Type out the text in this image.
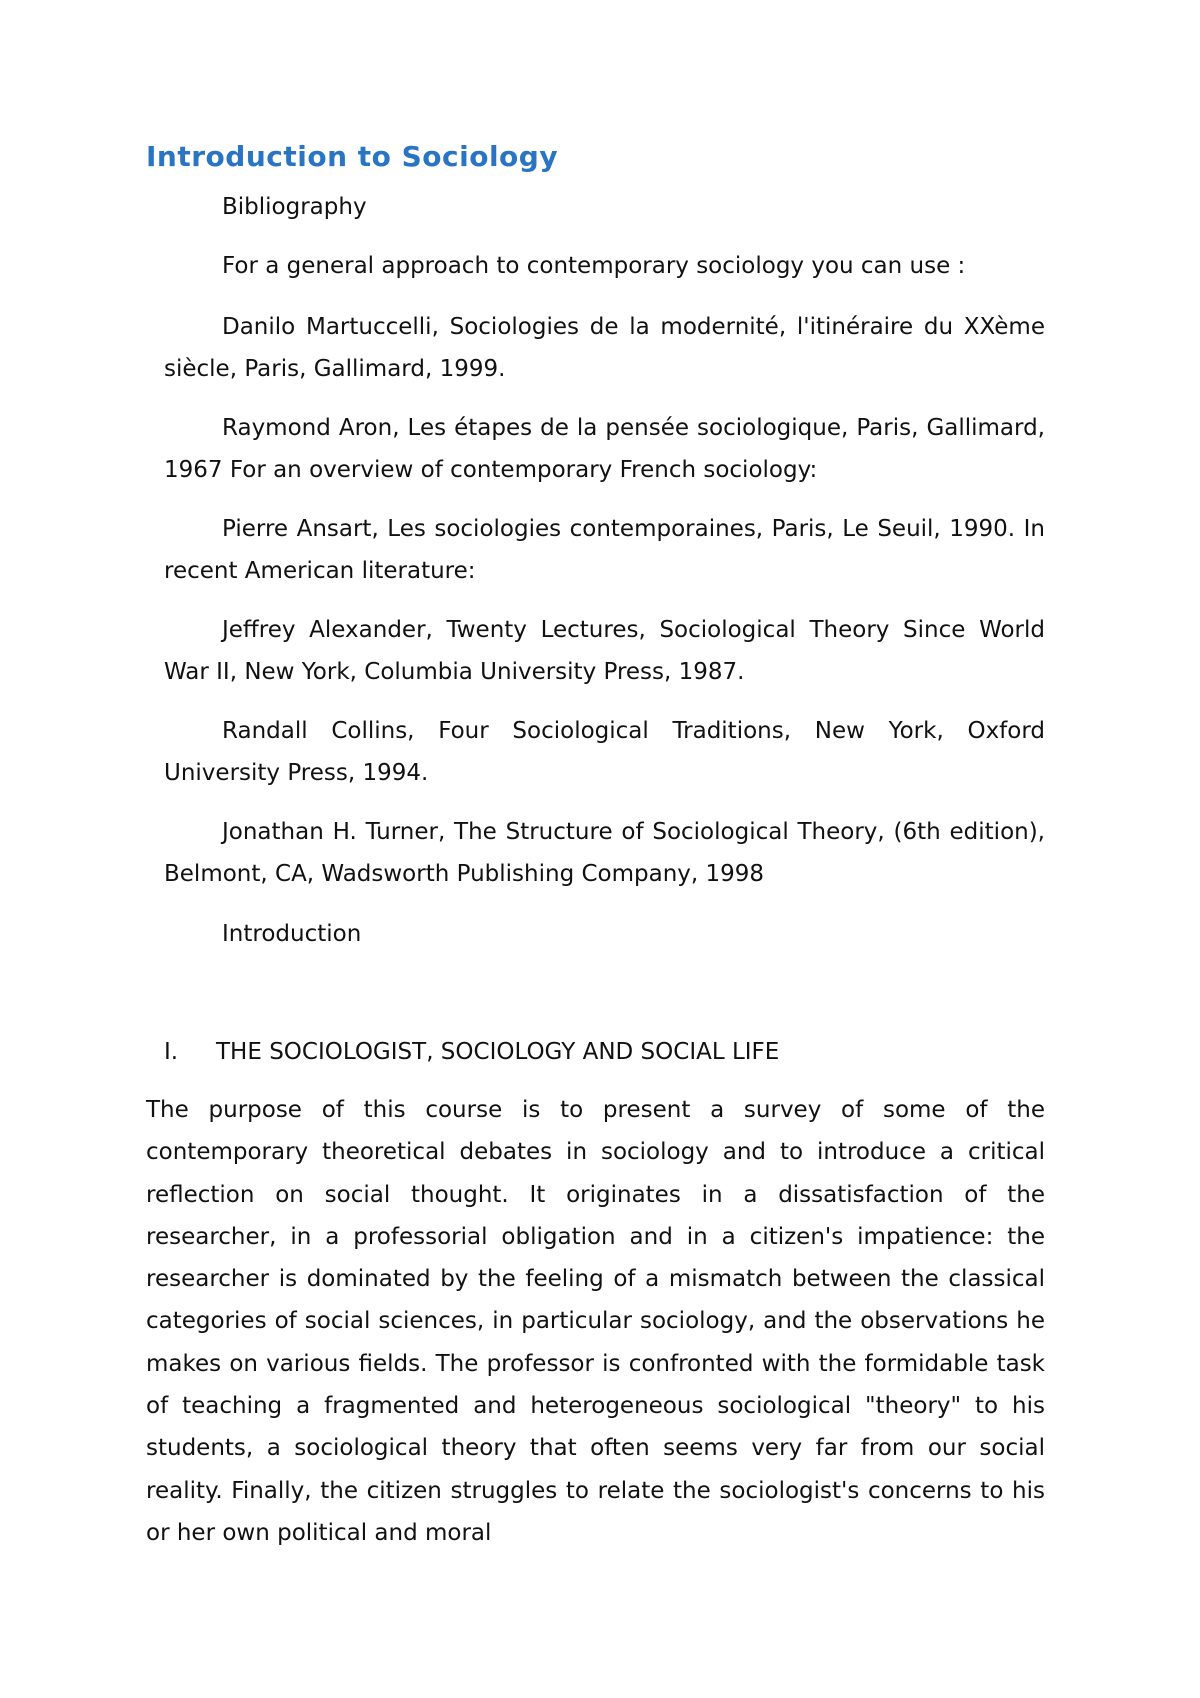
Introduction to Sociology

Bibliography

For a general approach to contemporary sociology you can use :

Danilo Martuccelli, Sociologies de la modernité, l'itinéraire du XXème siècle, Paris, Gallimard, 1999.

Raymond Aron, Les étapes de la pensée sociologique, Paris, Gallimard, 1967 For an overview of contemporary French sociology:

Pierre Ansart, Les sociologies contemporaines, Paris, Le Seuil, 1990. In recent American literature:

Jeffrey Alexander, Twenty Lectures, Sociological Theory Since World War II, New York, Columbia University Press, 1987.

Randall Collins, Four Sociological Traditions, New York, Oxford University Press, 1994.

Jonathan H. Turner, The Structure of Sociological Theory, (6th edition), Belmont, CA, Wadsworth Publishing Company, 1998

Introduction

I. THE SOCIOLOGIST, SOCIOLOGY AND SOCIAL LIFE

The purpose of this course is to present a survey of some of the contemporary theoretical debates in sociology and to introduce a critical reflection on social thought. It originates in a dissatisfaction of the researcher, in a professorial obligation and in a citizen's impatience: the researcher is dominated by the feeling of a mismatch between the classical categories of social sciences, in particular sociology, and the observations he makes on various fields. The professor is confronted with the formidable task of teaching a fragmented and heterogeneous sociological "theory" to his students, a sociological theory that often seems very far from our social reality. Finally, the citizen struggles to relate the sociologist's concerns to his or her own political and moral
